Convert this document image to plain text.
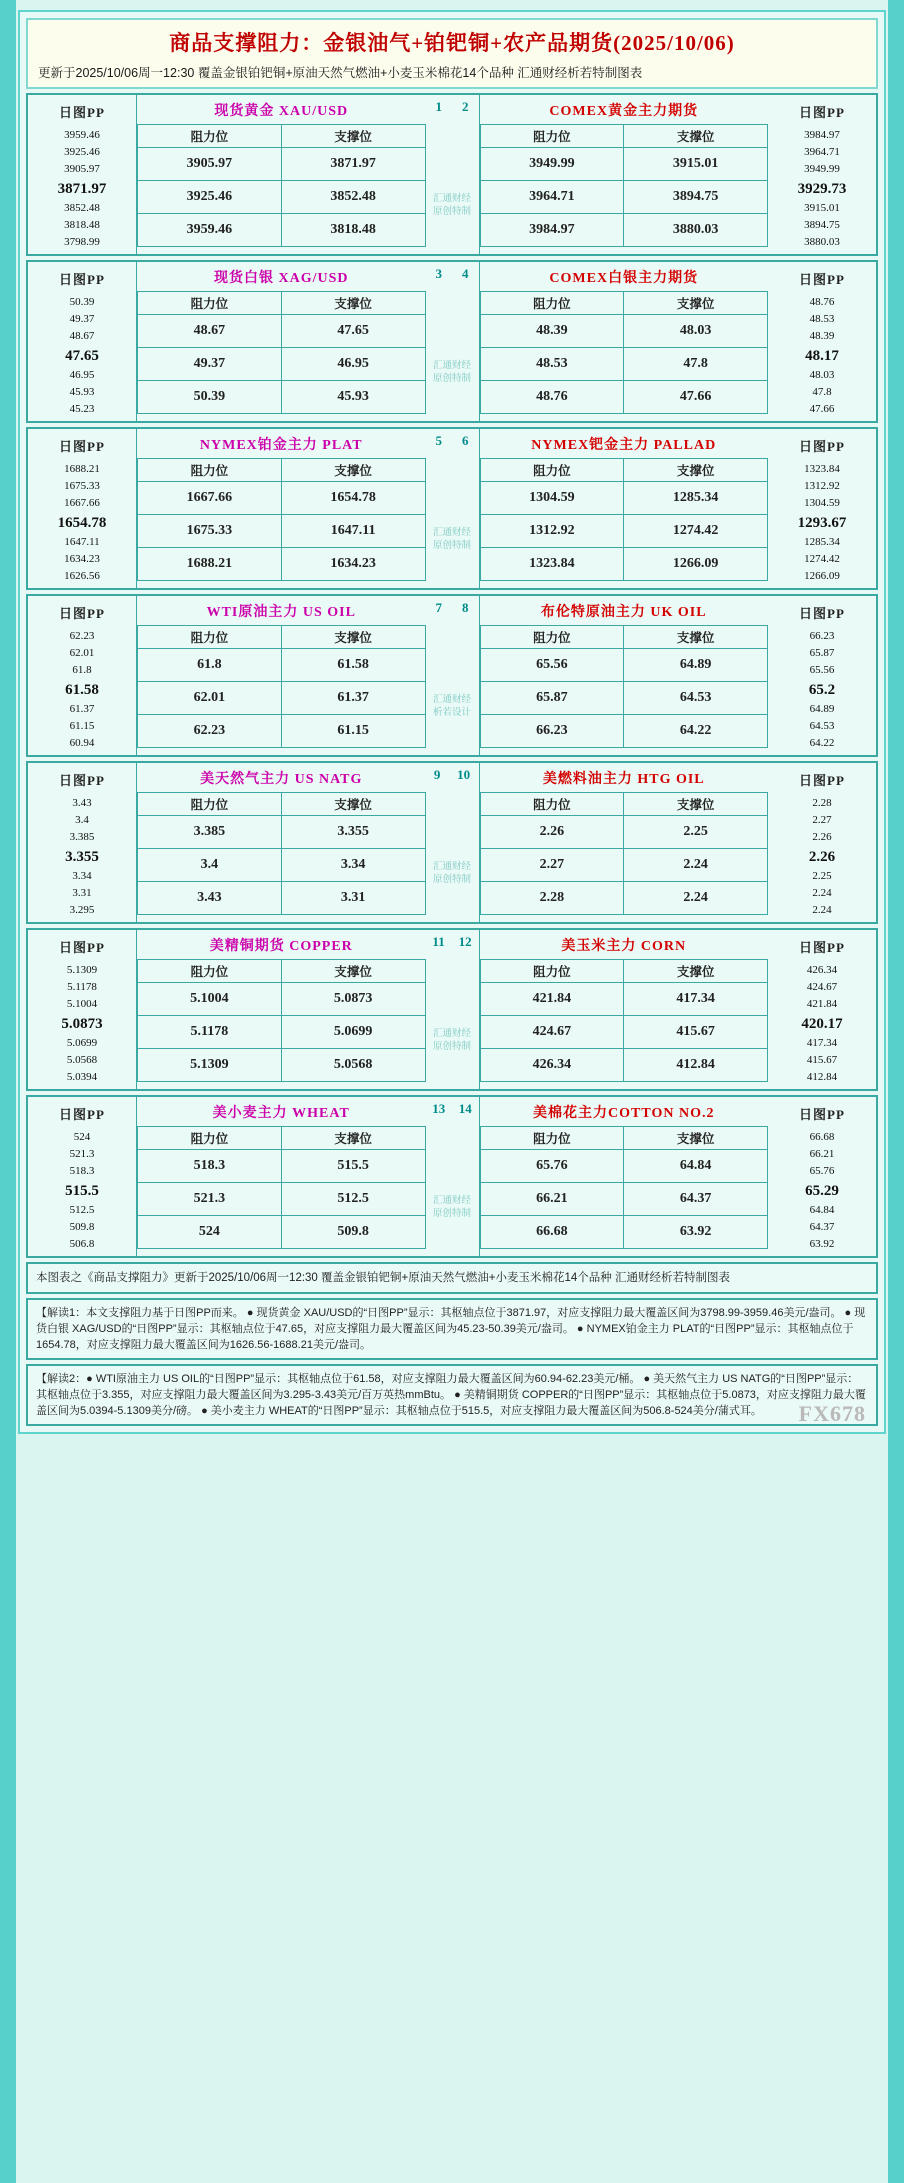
商品支撑阻力：金银油气+铂钯铜+农产品期货(2025/10/06)
更新于2025/10/06周一12:30 覆盖金银铂钯铜+原油天然气燃油+小麦玉米棉花14个品种 汇通财经析若特制图表
日图PP
3959.46
3925.46
3905.97
3871.97
3852.48
3818.48
3798.99
现货黄金 XAU/USD
阻力位	支撑位
3905.97	3871.97
3925.46	3852.48
3959.46	3818.48
1 2
汇通财经
原创特制
COMEX黄金主力期货
阻力位	支撑位
3949.99	3915.01
3964.71	3894.75
3984.97	3880.03
日图PP
3984.97
3964.71
3949.99
3929.73
3915.01
3894.75
3880.03
日图PP
50.39
49.37
48.67
47.65
46.95
45.93
45.23
现货白银 XAG/USD
阻力位	支撑位
48.67	47.65
49.37	46.95
50.39	45.93
3 4
汇通财经
原创特制
COMEX白银主力期货
阻力位	支撑位
48.39	48.03
48.53	47.8
48.76	47.66
日图PP
48.76
48.53
48.39
48.17
48.03
47.8
47.66
日图PP
1688.21
1675.33
1667.66
1654.78
1647.11
1634.23
1626.56
NYMEX铂金主力 PLAT
阻力位	支撑位
1667.66	1654.78
1675.33	1647.11
1688.21	1634.23
5 6
汇通财经
原创特制
NYMEX钯金主力 PALLAD
阻力位	支撑位
1304.59	1285.34
1312.92	1274.42
1323.84	1266.09
日图PP
1323.84
1312.92
1304.59
1293.67
1285.34
1274.42
1266.09
日图PP
62.23
62.01
61.8
61.58
61.37
61.15
60.94
WTI原油主力 US OIL
阻力位	支撑位
61.8	61.58
62.01	61.37
62.23	61.15
7 8
汇通财经
析若设计
布伦特原油主力 UK OIL
阻力位	支撑位
65.56	64.89
65.87	64.53
66.23	64.22
日图PP
66.23
65.87
65.56
65.2
64.89
64.53
64.22
日图PP
3.43
3.4
3.385
3.355
3.34
3.31
3.295
美天然气主力 US NATG
阻力位	支撑位
3.385	3.355
3.4	3.34
3.43	3.31
9 10
汇通财经
原创特制
美燃料油主力 HTG OIL
阻力位	支撑位
2.26	2.25
2.27	2.24
2.28	2.24
日图PP
2.28
2.27
2.26
2.26
2.25
2.24
2.24
日图PP
5.1309
5.1178
5.1004
5.0873
5.0699
5.0568
5.0394
美精铜期货 COPPER
阻力位	支撑位
5.1004	5.0873
5.1178	5.0699
5.1309	5.0568
11 12
汇通财经
原创特制
美玉米主力 CORN
阻力位	支撑位
421.84	417.34
424.67	415.67
426.34	412.84
日图PP
426.34
424.67
421.84
420.17
417.34
415.67
412.84
日图PP
524
521.3
518.3
515.5
512.5
509.8
506.8
美小麦主力 WHEAT
阻力位	支撑位
518.3	515.5
521.3	512.5
524	509.8
13 14
汇通财经
原创特制
美棉花主力COTTON NO.2
阻力位	支撑位
65.76	64.84
66.21	64.37
66.68	63.92
日图PP
66.68
66.21
65.76
65.29
64.84
64.37
63.92
本图表之《商品支撑阻力》更新于2025/10/06周一12:30 覆盖金银铂钯铜+原油天然气燃油+小麦玉米棉花14个品种 汇通财经析若特制图表
【解读1：本文支撑阻力基于日图PP而来。 ● 现货黄金 XAU/USD的“日图PP”显示：其枢轴点位于3871.97，对应支撑阻力最大覆盖区间为3798.99-3959.46美元/盎司。 ● 现货白银 XAG/USD的“日图PP”显示：其枢轴点位于47.65，对应支撑阻力最大覆盖区间为45.23-50.39美元/盎司。 ● NYMEX铂金主力 PLAT的“日图PP”显示：其枢轴点位于1654.78，对应支撑阻力最大覆盖区间为1626.56-1688.21美元/盎司。
【解读2：● WTI原油主力 US OIL的“日图PP”显示：其枢轴点位于61.58，对应支撑阻力最大覆盖区间为60.94-62.23美元/桶。 ● 美天然气主力 US NATG的“日图PP”显示：其枢轴点位于3.355，对应支撑阻力最大覆盖区间为3.295-3.43美元/百万英热mmBtu。 ● 美精铜期货 COPPER的“日图PP”显示：其枢轴点位于5.0873，对应支撑阻力最大覆盖区间为5.0394-5.1309美分/磅。 ● 美小麦主力 WHEAT的“日图PP”显示：其枢轴点位于515.5，对应支撑阻力最大覆盖区间为506.8-524美分/蒲式耳。 FX678
